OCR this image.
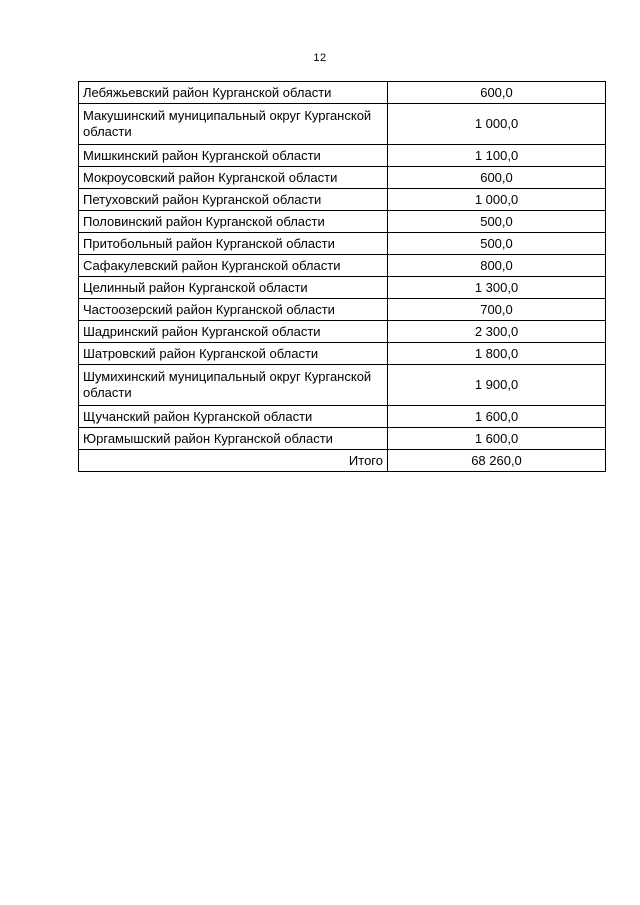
12
Лебяжьевский район Курганской области	600,0
Макушинский муниципальный округ Курганской области	1 000,0
Мишкинский район Курганской области	1 100,0
Мокроусовский район Курганской области	600,0
Петуховский район Курганской области	1 000,0
Половинский район Курганской области	500,0
Притобольный район Курганской области	500,0
Сафакулевский район Курганской области	800,0
Целинный район Курганской области	1 300,0
Частоозерский район Курганской области	700,0
Шадринский район Курганской области	2 300,0
Шатровский район Курганской области	1 800,0
Шумихинский муниципальный округ Курганской области	1 900,0
Щучанский район Курганской области	1 600,0
Юргамышский район Курганской области	1 600,0
Итого	68 260,0
